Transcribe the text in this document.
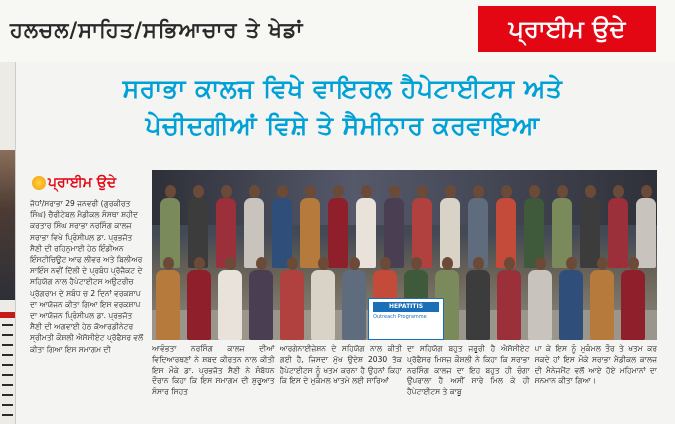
ਹਲਚਲ/ਸਾਹਿਤ/ਸਭਿਆਚਾਰ ਤੇ ਖੇਡਾਂ	ਪ੍ਰਾਈਮ ਉਦੇ
ਸਰਾਭਾ ਕਾਲਜ ਵਿਖੇ ਵਾਇਰਲ ਹੈਪੇਟਾਈਟਸ ਅਤੇ
ਪੇਚੀਦਗੀਆਂ ਵਿਸ਼ੇ ਤੇ ਸੈਮੀਨਾਰ ਕਰਵਾਇਆ
ਪ੍ਰਾਈਮ ਉਦੇ
ਜੋਧਾਂ/ਸਰਾਭਾ 29 ਜਨਵਰੀ (ਗੁਰਕੀਰਤ ਸਿੰਘ) ਚੈਰੀਟੇਬਲ ਮੈਡੀਕਲ ਸੰਸਥਾ ਸ਼ਹੀਦ ਕਰਤਾਰ ਸਿੰਘ ਸਰਾਭਾ ਨਰਸਿੰਗ ਕਾਲਜ ਸਰਾਭਾ ਵਿਖੇ ਪ੍ਰਿੰਸੀਪਲ ਡਾ. ਪ੍ਰਭਜੋਤ ਸੈਣੀ ਦੀ ਰਹਿਨੁਮਾਈ ਹੇਠ ਇੰਡੀਅਨ ਇੰਸਟੀਚਿਊਟ ਆਫ ਲੀਵਰ ਅਤੇ ਬਿਲੀਅਰ ਸਾਇੰਸ ਨਵੀਂ ਦਿੱਲੀ ਦੇ ਪ੍ਰਬੰਧ ਪ੍ਰੋਜੈਕਟ ਦੇ ਸਹਿਯੋਗ ਨਾਲ ਹੈਪੇਟਾਈਟਸ ਅਉਟਰੀਚ ਪ੍ਰੋਗਰਾਮ ਦੇ ਸਬੰਧ ਚ 2 ਦਿਨਾਂ ਵਰਕਸ਼ਾਪ ਦਾ ਆਯੋਜਨ ਕੀਤਾ ਗਿਆ ਇਸ ਵਰਕਸ਼ਾਪ ਦਾ ਆਯੋਜਨ ਪ੍ਰਿੰਸੀਪਲ ਡਾ. ਪ੍ਰਭਜੋਤ ਸੈਣੀ ਦੀ ਅਗਵਾਈ ਹੇਠ ਕੋਆਰਡੀਨੇਟਰ ਸ੍ਰੀਮਤੀ ਕੌਸ਼ਲੀ ਐਸੋਸੀਏਟ ਪ੍ਰੋਫੈਸਰ ਵਲੋਂ ਕੀਤਾ ਗਿਆ ਇਸ ਸਮਾਗਮ ਦੀ
HEPATITIS
Outreach Programme
ਆਵੰਭਤਾ ਨਰਸਿੰਗ ਕਾਲਜ ਦੀਆਂ ਵਿਦਿਆਰਥਣਾਂ ਨੇ ਸ਼ਬਦ ਕੀਰਤਨ ਨਾਲ ਕੀਤੀ ਇਸ ਮੌਕੇ ਡਾ. ਪ੍ਰਭਜੋਤ ਸੈਣੀ ਨੇ ਸੰਬੋਧਨ ਦੌਰਾਨ ਕਿਹਾ ਕਿ ਇਸ ਸਮਾਗਮ ਦੀ ਸ਼ੁਰੂਆਤ ਸੰਸਾਰ ਸਿਹਤ
ਆਰਗੇਨਾਈਜ਼ੇਸ਼ਨ ਦੇ ਸਹਿਯੋਗ ਨਾਲ ਕੀਤੀ ਗਈ ਹੈ, ਜਿਸਦਾ ਮੁੱਖ ਉਦੇਸ਼ 2030 ਤੱਕ ਹੈਪੇਟਾਈਟਸ ਨੂੰ ਖਤਮ ਕਰਨਾ ਹੈ ਉਹਨਾਂ ਕਿਹਾ ਕਿ ਇਸ ਦੇ ਮੁਕੰਮਲ ਖਾਤਮੇ ਲਈ ਸਾਰਿਆਂ
ਦਾ ਸਹਿਯੋਗ ਬਹੁਤ ਜਰੂਰੀ ਹੈ ਐਸੋਸੀਏਟ ਪ੍ਰੋਫੈਸਰ ਮਿਸਜ਼ ਕੌਸ਼ਲੀ ਨੇ ਕਿਹਾ ਕਿ ਸਰਾਭਾ ਨਰਸਿੰਗ ਕਾਲਜ ਦਾ ਇਹ ਬਹੁਤ ਹੀ ਚੰਗਾ ਉਪਰਾਲਾ ਹੈ ਅਸੀਂ ਸਾਰੇ ਮਿਲ ਕੇ ਹੀ ਹੈਪੇਟਾਈਟਸ ਤੇ ਕਾਬੂ
ਪਾ ਕੇ ਇਸ ਨੂੰ ਮੁਕੰਮਲ ਤੌਰ ਤੇ ਖਤਮ ਕਰ ਸਕਦੇ ਹਾਂ ਇਸ ਮੌਕੇ ਸਰਾਭਾ ਮੈਡੀਕਲ ਕਾਲਜ ਦੀ ਮੈਨੇਜਮੈਂਟ ਵਲੋਂ ਆਏ ਹੋਏ ਮਹਿਮਾਨਾਂ ਦਾ ਸਨਮਾਨ ਕੀਤਾ ਗਿਆ।
